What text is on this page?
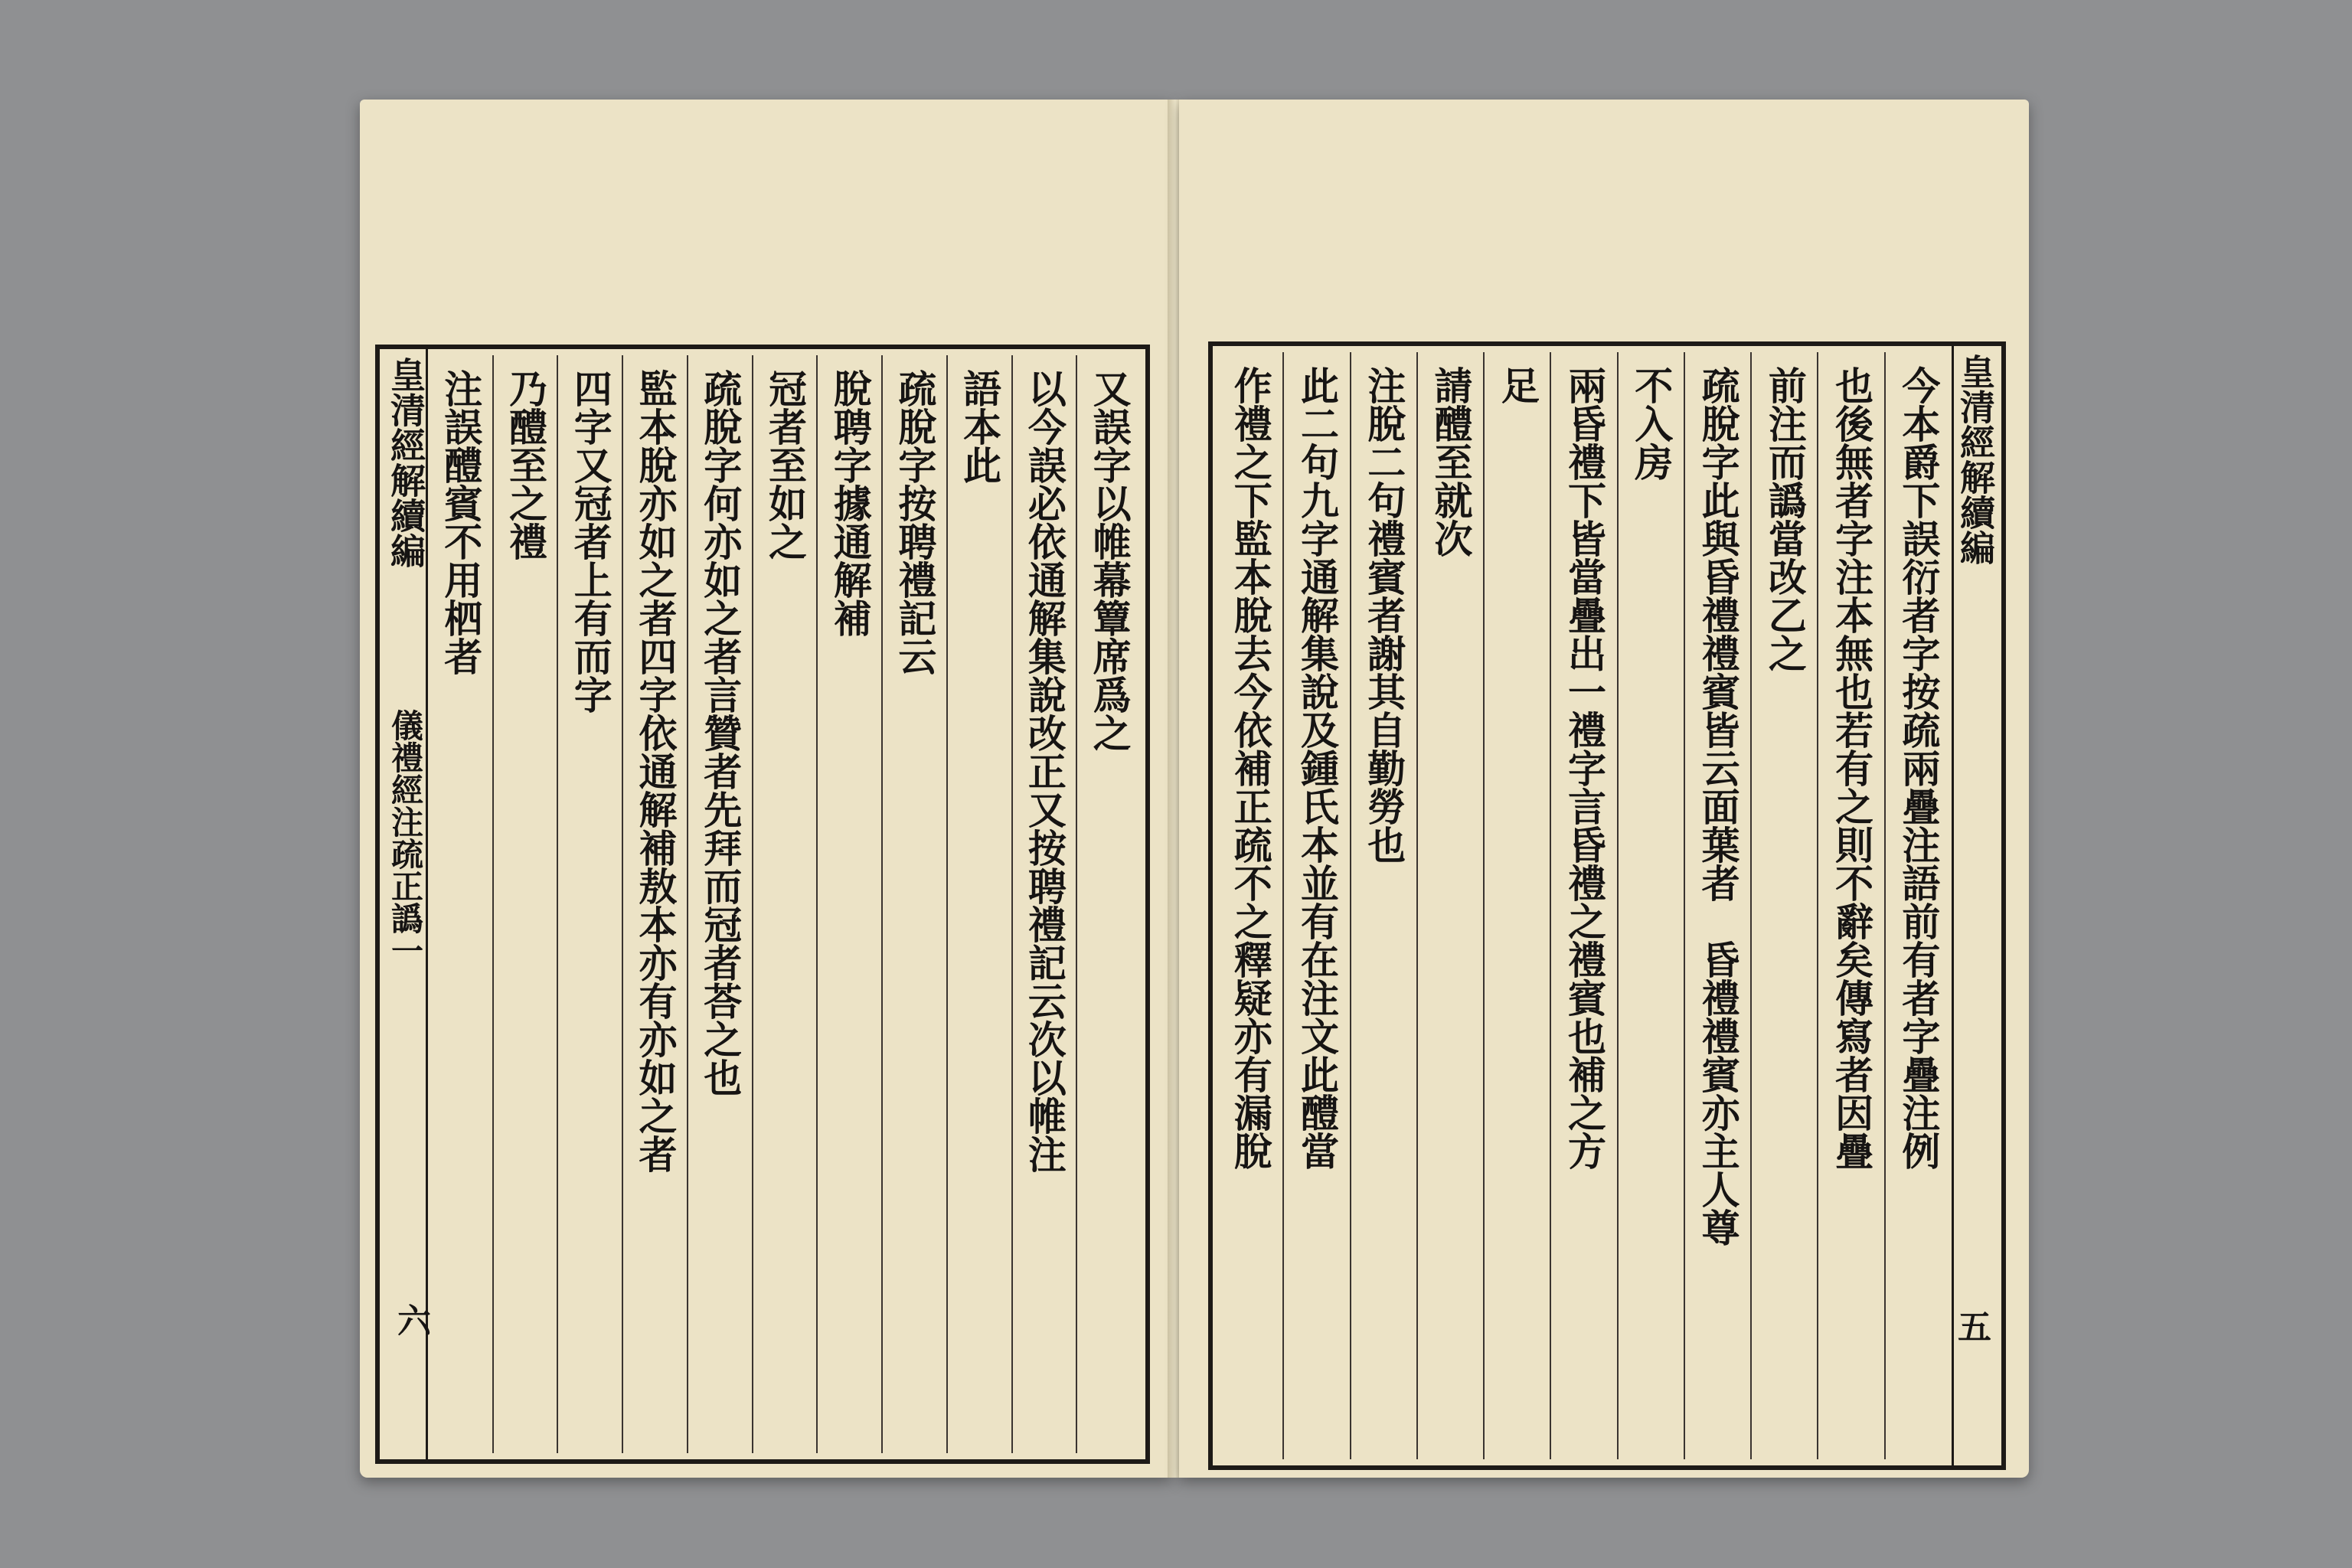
皇清經解續編
儀禮經注疏正譌一
六
又誤字以帷幕簟席爲之
以今誤必依通解集說改正又按聘禮記云次以帷注
語本此
疏脫字按聘禮記云
脫聘字據通解補
冠者至如之
疏脫字何亦如之者言贊者先拜而冠者荅之也
監本脫亦如之者四字依通解補敖本亦有亦如之者
四字又冠者上有而字
乃醴至之禮
注誤醴賓不用柶者	皇清經解續編
五
今本爵下誤衍者字按疏兩疊注語前有者字疊注例
也後無者字注本無也若有之則不辭矣傳寫者因疊
前注而譌當改乙之
疏脫字此與昏禮禮賓皆云面葉者　昏禮禮賓亦主人尊
不入房
兩昏禮下皆當疊出一禮字言昏禮之禮賓也補之方
足
請醴至就次
注脫二句禮賓者謝其自勤勞也
此二句九字通解集說及鍾氏本並有在注文此醴當
作禮之下監本脫去今依補正疏不之釋疑亦有漏脫
